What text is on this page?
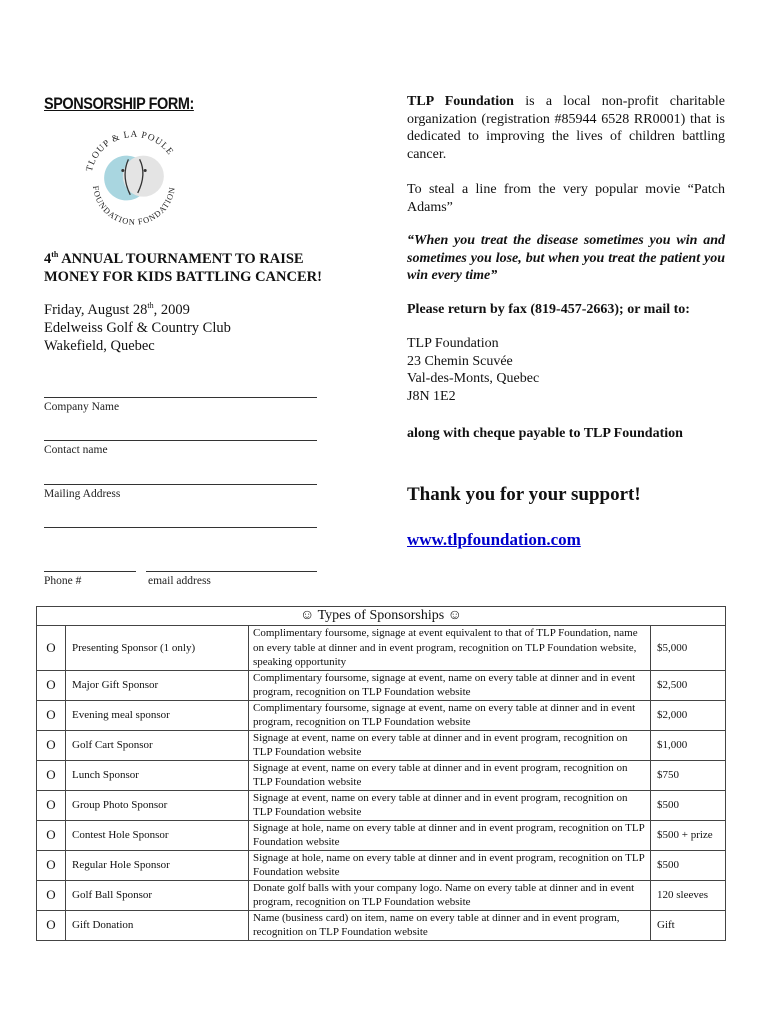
SPONSORSHIP FORM:
TLOUP & LA POULE
FOUNDATION FONDATION
4th ANNUAL TOURNAMENT TO RAISE MONEY FOR KIDS BATTLING CANCER!
Friday, August 28th, 2009
Edelweiss Golf & Country Club
Wakefield, Quebec
Company Name
Contact name
Mailing Address
Phone #	email address

TLP Foundation is a local non-profit charitable organization (registration #85944 6528 RR0001) that is dedicated to improving the lives of children battling cancer.

To steal a line from the very popular movie “Patch Adams”

“When you treat the disease sometimes you win and sometimes you lose, but when you treat the patient you win every time”

Please return by fax (819-457-2663); or mail to:

TLP Foundation
23 Chemin Scuvée
Val-des-Monts, Quebec
J8N 1E2

along with cheque payable to TLP Foundation

Thank you for your support!
www.tlpfoundation.com
☺ Types of Sponsorships ☺			
O	Presenting Sponsor (1 only)	Complimentary foursome, signage at event equivalent to that of TLP Foundation, name on every table at dinner and in event program, recognition on TLP Foundation website, speaking opportunity	$5,000
O	Major Gift Sponsor	Complimentary foursome, signage at event, name on every table at dinner and in event program, recognition on TLP Foundation website	$2,500
O	Evening meal sponsor	Complimentary foursome, signage at event, name on every table at dinner and in event program, recognition on TLP Foundation website	$2,000
O	Golf Cart Sponsor	Signage at event, name on every table at dinner and in event program, recognition on TLP Foundation website	$1,000
O	Lunch Sponsor	Signage at event, name on every table at dinner and in event program, recognition on TLP Foundation website	$750
O	Group Photo Sponsor	Signage at event, name on every table at dinner and in event program, recognition on TLP Foundation website	$500
O	Contest Hole Sponsor	Signage at hole, name on every table at dinner and in event program, recognition on TLP Foundation website	$500 + prize
O	Regular Hole Sponsor	Signage at hole, name on every table at dinner and in event program, recognition on TLP Foundation website	$500
O	Golf Ball Sponsor	Donate golf balls with your company logo. Name on every table at dinner and in event program, recognition on TLP Foundation website	120 sleeves
O	Gift Donation	Name (business card) on item, name on every table at dinner and in event program, recognition on TLP Foundation website	Gift
